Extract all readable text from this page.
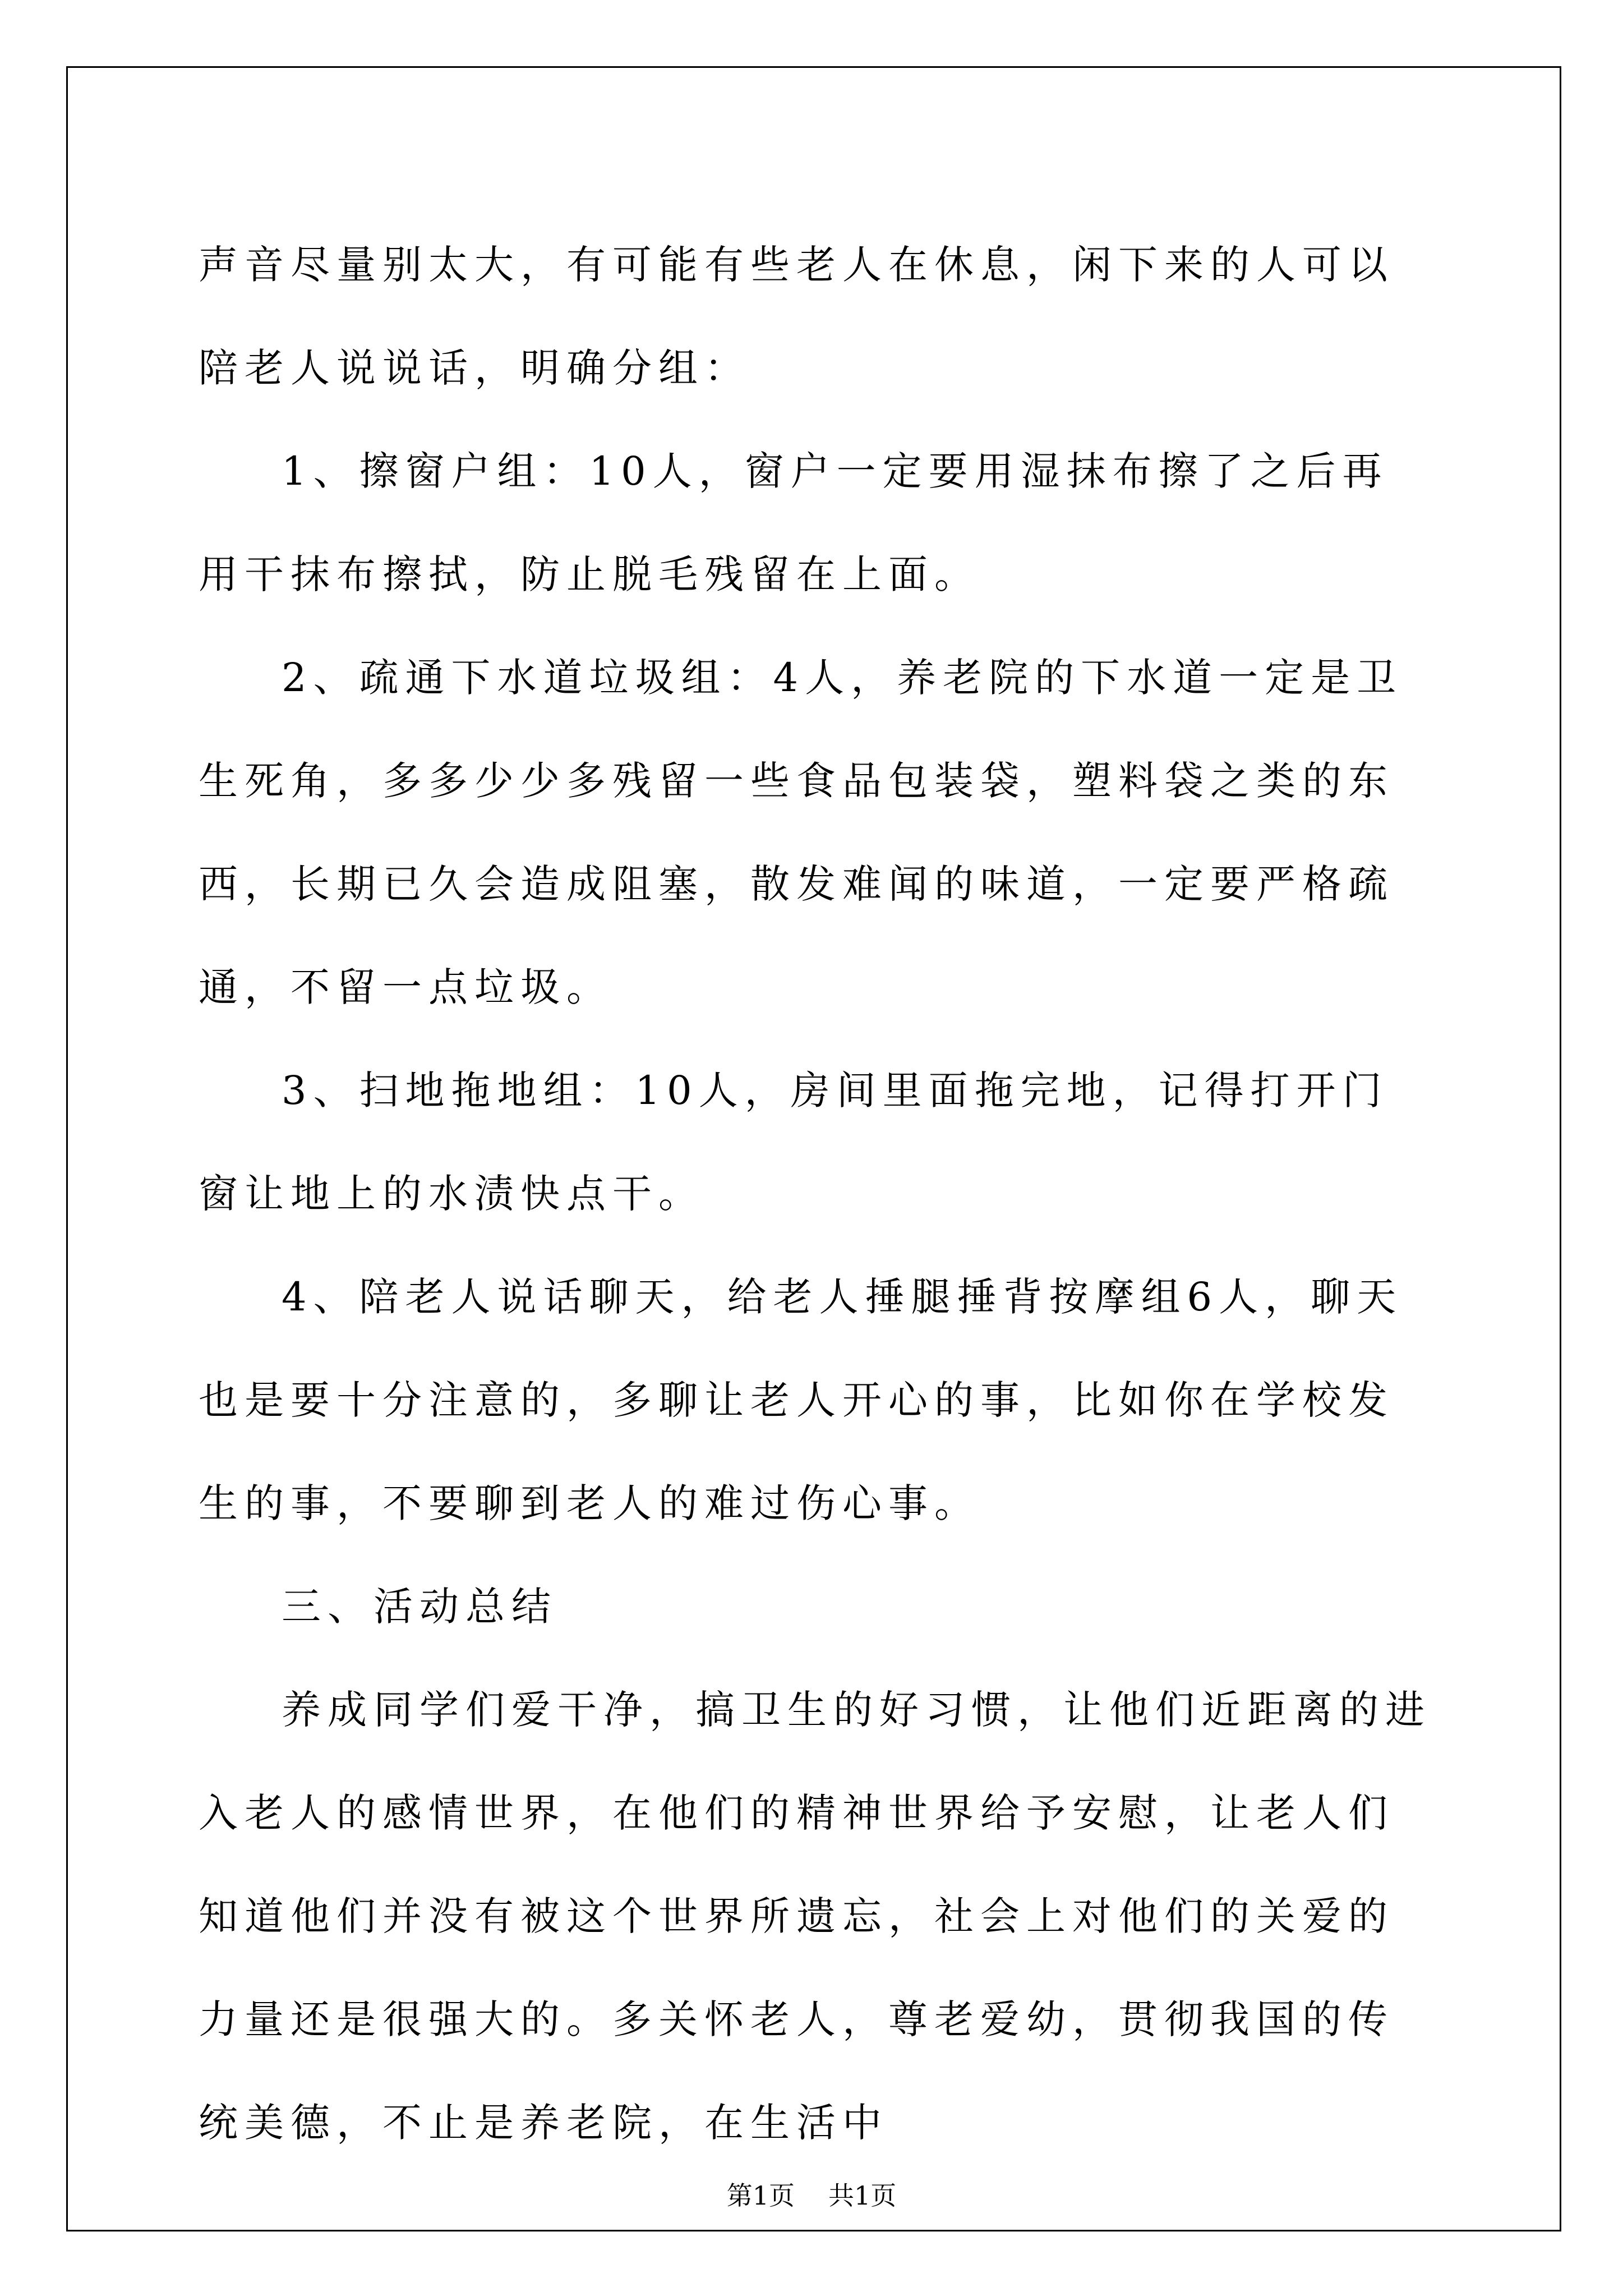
声音尽量别太大，有可能有些老人在休息，闲下来的人可以陪老人说说话，明确分组：

1、擦窗户组：10人，窗户一定要用湿抹布擦了之后再用干抹布擦拭，防止脱毛残留在上面。

2、疏通下水道垃圾组：4人，养老院的下水道一定是卫生死角，多多少少多残留一些食品包装袋，塑料袋之类的东西，长期已久会造成阻塞，散发难闻的味道，一定要严格疏通，不留一点垃圾。

3、扫地拖地组：10人，房间里面拖完地，记得打开门窗让地上的水渍快点干。

4、陪老人说话聊天，给老人捶腿捶背按摩组6人，聊天也是要十分注意的，多聊让老人开心的事，比如你在学校发生的事，不要聊到老人的难过伤心事。

三、活动总结

养成同学们爱干净，搞卫生的好习惯，让他们近距离的进入老人的感情世界，在他们的精神世界给予安慰，让老人们知道他们并没有被这个世界所遗忘，社会上对他们的关爱的力量还是很强大的。多关怀老人，尊老爱幼，贯彻我国的传统美德，不止是养老院，在生活中

第1页 共1页
